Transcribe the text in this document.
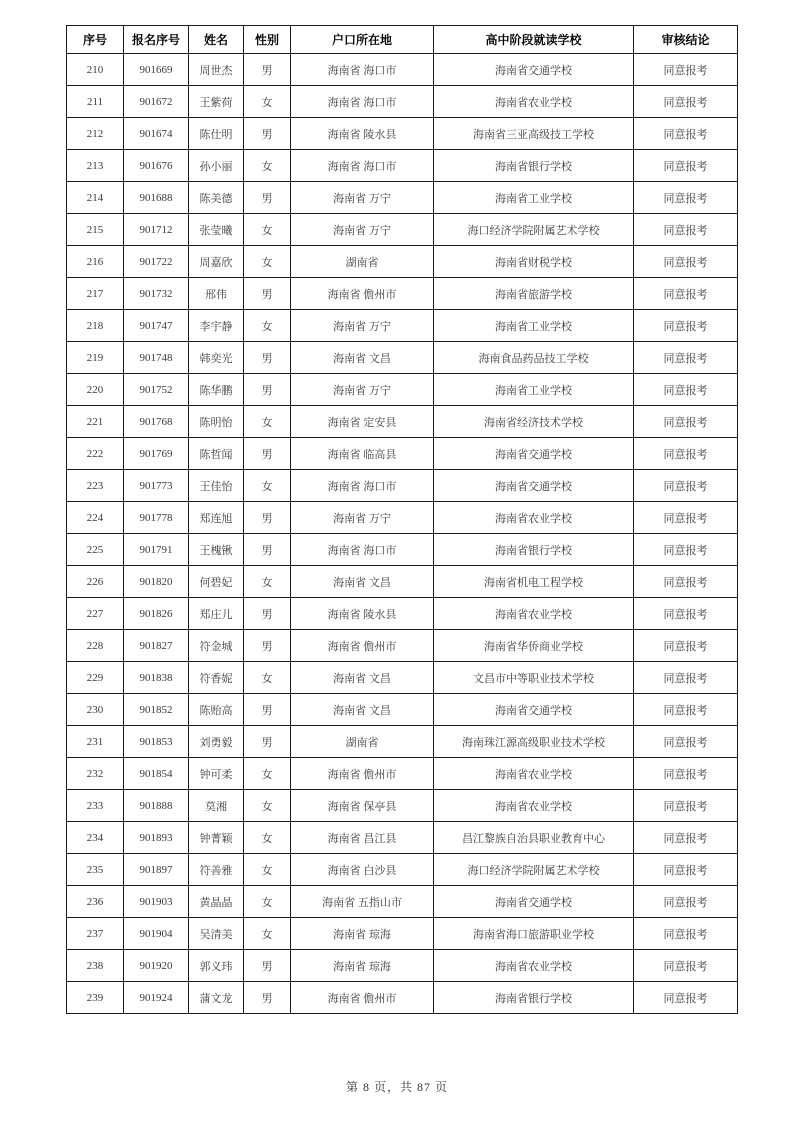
序号	报名序号	姓名	性别	户口所在地	高中阶段就读学校	审核结论
210	901669	周世杰	男	海南省 海口市	海南省交通学校	同意报考
211	901672	王紫荷	女	海南省 海口市	海南省农业学校	同意报考
212	901674	陈仕明	男	海南省 陵水县	海南省三亚高级技工学校	同意报考
213	901676	孙小丽	女	海南省 海口市	海南省银行学校	同意报考
214	901688	陈美德	男	海南省 万宁	海南省工业学校	同意报考
215	901712	张莹曦	女	海南省 万宁	海口经济学院附属艺术学校	同意报考
216	901722	周嘉欣	女	湖南省	海南省财税学校	同意报考
217	901732	邢伟	男	海南省 儋州市	海南省旅游学校	同意报考
218	901747	李宇静	女	海南省 万宁	海南省工业学校	同意报考
219	901748	韩奕光	男	海南省 文昌	海南食品药品技工学校	同意报考
220	901752	陈华鹏	男	海南省 万宁	海南省工业学校	同意报考
221	901768	陈明怡	女	海南省 定安县	海南省经济技术学校	同意报考
222	901769	陈哲闻	男	海南省 临高县	海南省交通学校	同意报考
223	901773	王佳怡	女	海南省 海口市	海南省交通学校	同意报考
224	901778	郑连旭	男	海南省 万宁	海南省农业学校	同意报考
225	901791	王槐锹	男	海南省 海口市	海南省银行学校	同意报考
226	901820	何碧妃	女	海南省 文昌	海南省机电工程学校	同意报考
227	901826	郑庄儿	男	海南省 陵水县	海南省农业学校	同意报考
228	901827	符金城	男	海南省 儋州市	海南省华侨商业学校	同意报考
229	901838	符香妮	女	海南省 文昌	文昌市中等职业技术学校	同意报考
230	901852	陈贻高	男	海南省 文昌	海南省交通学校	同意报考
231	901853	刘勇毅	男	湖南省	海南珠江源高级职业技术学校	同意报考
232	901854	钟可柔	女	海南省 儋州市	海南省农业学校	同意报考
233	901888	莫湘	女	海南省 保亭县	海南省农业学校	同意报考
234	901893	钟菁颖	女	海南省 昌江县	昌江黎族自治县职业教育中心	同意报考
235	901897	符善雅	女	海南省 白沙县	海口经济学院附属艺术学校	同意报考
236	901903	黄晶晶	女	海南省 五指山市	海南省交通学校	同意报考
237	901904	吴清美	女	海南省 琼海	海南省海口旅游职业学校	同意报考
238	901920	郭义玮	男	海南省 琼海	海南省农业学校	同意报考
239	901924	蒲文龙	男	海南省 儋州市	海南省银行学校	同意报考
第 8 页，共 87 页
